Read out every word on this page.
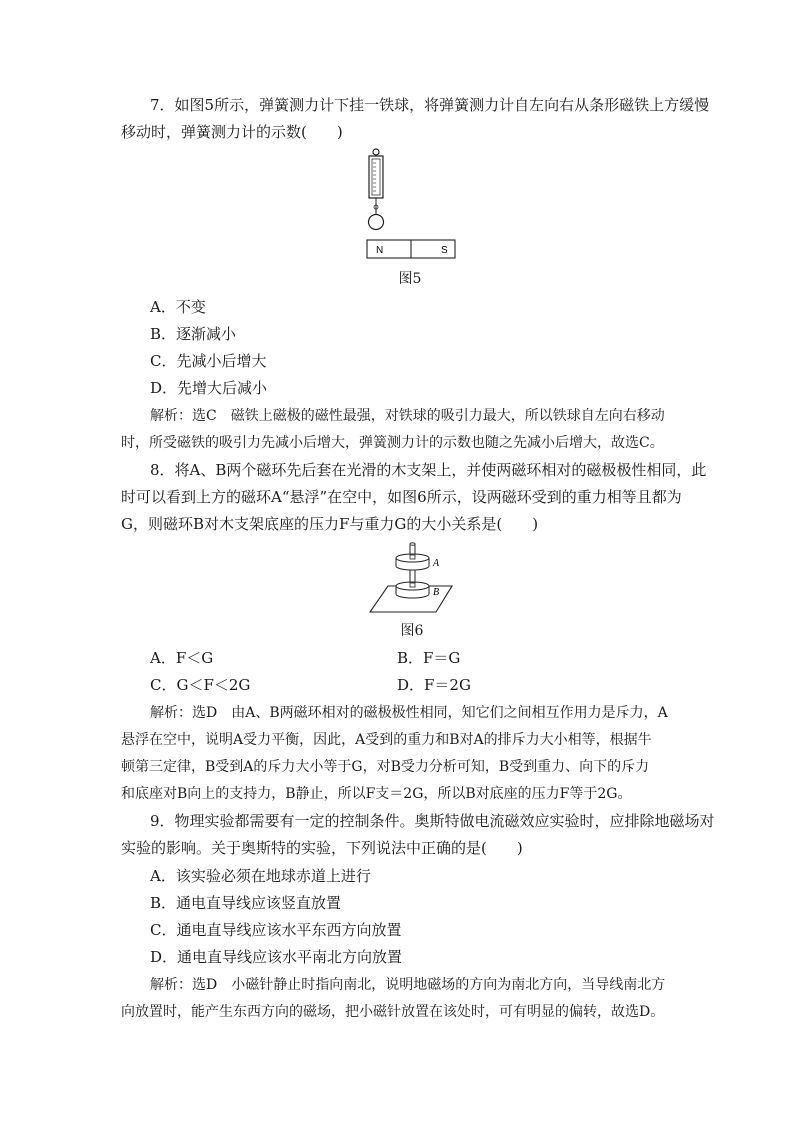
7．如图5所示，弹簧测力计下挂一铁球，将弹簧测力计自左向右从条形磁铁上方缓慢
移动时，弹簧测力计的示数(　　)
N	S
图5
A．不变
B．逐渐减小
C．先减小后增大
D．先增大后减小
解析：选C　磁铁上磁极的磁性最强，对铁球的吸引力最大，所以铁球自左向右移动
时，所受磁铁的吸引力先减小后增大，弹簧测力计的示数也随之先减小后增大，故选C。
8．将A、B两个磁环先后套在光滑的木支架上，并使两磁环相对的磁极极性相同，此
时可以看到上方的磁环A“悬浮”在空中，如图6所示，设两磁环受到的重力相等且都为
G，则磁环B对木支架底座的压力F与重力G的大小关系是(　　)
A
B
图6
A．F＜G	B．F＝G
C．G＜F＜2G	D．F＝2G
解析：选D　由A、B两磁环相对的磁极极性相同，知它们之间相互作用力是斥力，A
悬浮在空中，说明A受力平衡，因此，A受到的重力和B对A的排斥力大小相等，根据牛
顿第三定律，B受到A的斥力大小等于G，对B受力分析可知，B受到重力、向下的斥力
和底座对B向上的支持力，B静止，所以F支＝2G，所以B对底座的压力F等于2G。
9．物理实验都需要有一定的控制条件。奥斯特做电流磁效应实验时，应排除地磁场对
实验的影响。关于奥斯特的实验，下列说法中正确的是(　　)
A．该实验必须在地球赤道上进行
B．通电直导线应该竖直放置
C．通电直导线应该水平东西方向放置
D．通电直导线应该水平南北方向放置
解析：选D　小磁针静止时指向南北，说明地磁场的方向为南北方向，当导线南北方
向放置时，能产生东西方向的磁场，把小磁针放置在该处时，可有明显的偏转，故选D。
